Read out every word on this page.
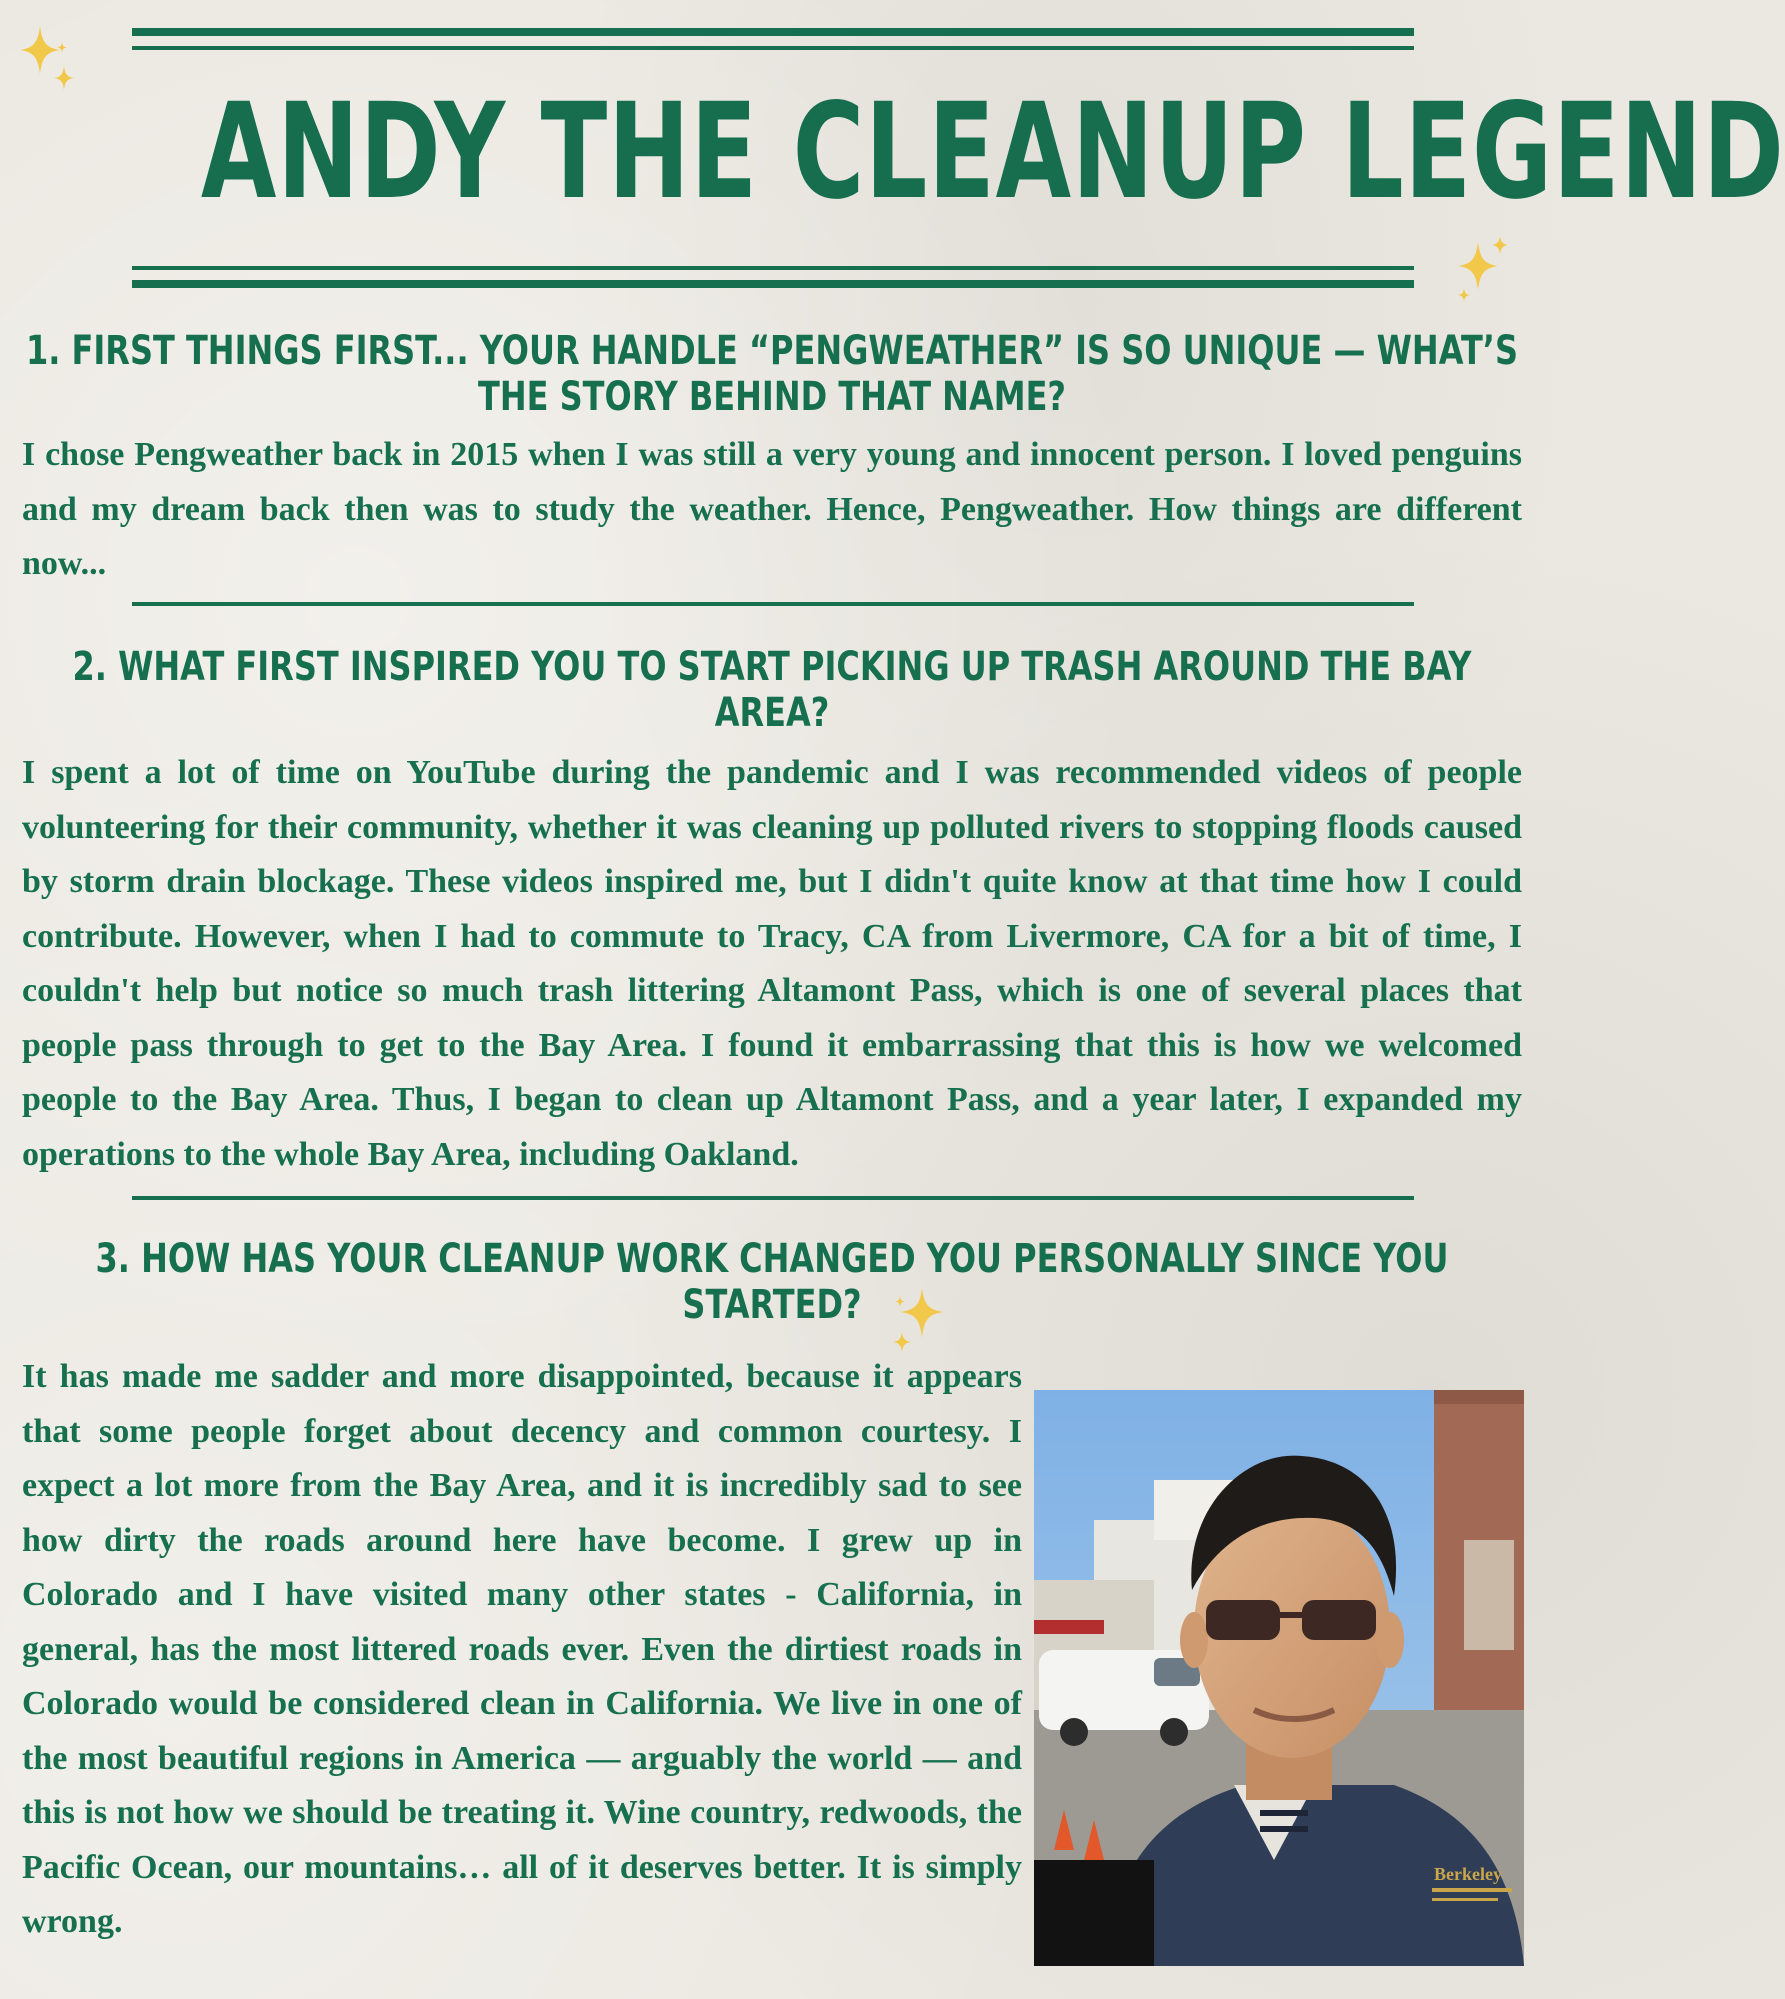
ANDY THE CLEANUP LEGEND
1. FIRST THINGS FIRST... YOUR HANDLE “PENGWEATHER” IS SO UNIQUE — WHAT’S THE STORY BEHIND THAT NAME?
I chose Pengweather back in 2015 when I was still a very young and innocent person. I loved penguins and my dream back then was to study the weather. Hence, Pengweather. How things are different now...
2. WHAT FIRST INSPIRED YOU TO START PICKING UP TRASH AROUND THE BAY AREA?
I spent a lot of time on YouTube during the pandemic and I was recommended videos of people volunteering for their community, whether it was cleaning up polluted rivers to stopping floods caused by storm drain blockage. These videos inspired me, but I didn't quite know at that time how I could contribute. However, when I had to commute to Tracy, CA from Livermore, CA for a bit of time, I couldn't help but notice so much trash littering Altamont Pass, which is one of several places that people pass through to get to the Bay Area. I found it embarrassing that this is how we welcomed people to the Bay Area. Thus, I began to clean up Altamont Pass, and a year later, I expanded my operations to the whole Bay Area, including Oakland.
3. HOW HAS YOUR CLEANUP WORK CHANGED YOU PERSONALLY SINCE YOU STARTED?
It has made me sadder and more disappointed, because it appears that some people forget about decency and common courtesy. I expect a lot more from the Bay Area, and it is incredibly sad to see how dirty the roads around here have become. I grew up in Colorado and I have visited many other states - California, in general, has the most littered roads ever. Even the dirtiest roads in Colorado would be considered clean in California. We live in one of the most beautiful regions in America — arguably the world — and this is not how we should be treating it. Wine country, redwoods, the Pacific Ocean, our mountains… all of it deserves better. It is simply wrong.
Berkeley
